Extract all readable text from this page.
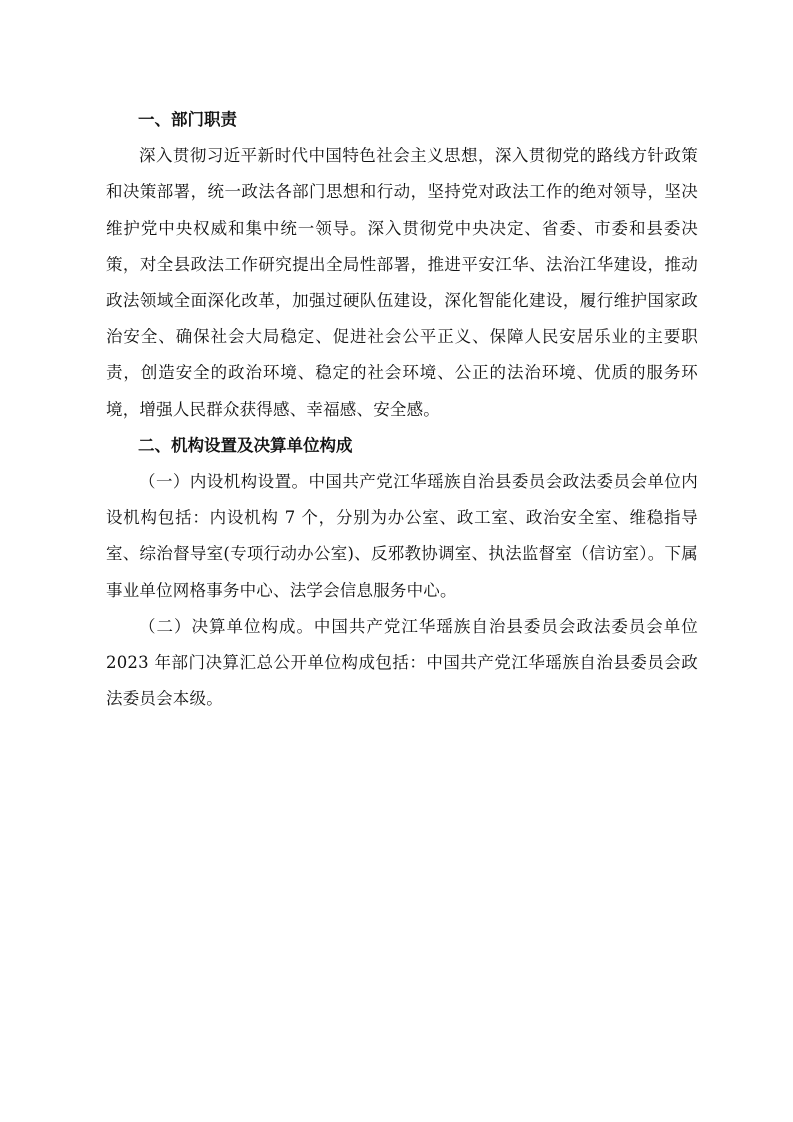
一、部门职责

深入贯彻习近平新时代中国特色社会主义思想，深入贯彻党的路线方针政策和决策部署，统一政法各部门思想和行动，坚持党对政法工作的绝对领导，坚决维护党中央权威和集中统一领导。深入贯彻党中央决定、省委、市委和县委决策，对全县政法工作研究提出全局性部署，推进平安江华、法治江华建设，推动政法领域全面深化改革，加强过硬队伍建设，深化智能化建设，履行维护国家政治安全、确保社会大局稳定、促进社会公平正义、保障人民安居乐业的主要职责，创造安全的政治环境、稳定的社会环境、公正的法治环境、优质的服务环境，增强人民群众获得感、幸福感、安全感。

二、机构设置及决算单位构成

（一）内设机构设置。中国共产党江华瑶族自治县委员会政法委员会单位内设机构包括：内设机构 7 个，分别为办公室、政工室、政治安全室、维稳指导室、综治督导室(专项行动办公室)、反邪教协调室、执法监督室（信访室）。下属事业单位网格事务中心、法学会信息服务中心。

（二）决算单位构成。中国共产党江华瑶族自治县委员会政法委员会单位 2023 年部门决算汇总公开单位构成包括：中国共产党江华瑶族自治县委员会政法委员会本级。
